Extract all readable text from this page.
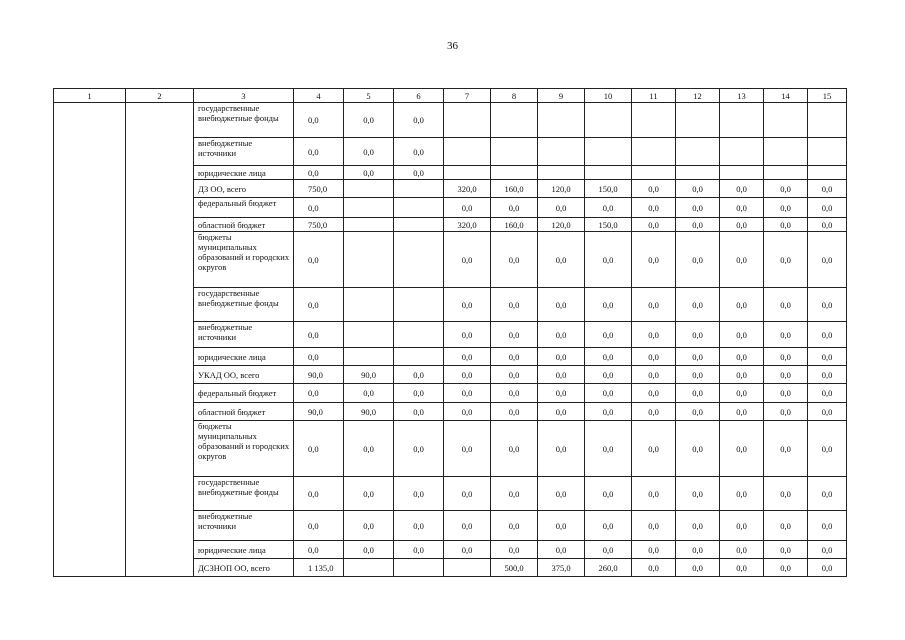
36
1	2	3	4	5	6	7	8	9	10	11	12	13	14	15
		государственные внебюджетные фонды	0,0	0,0	0,0									
		внебюджетные источники	0,0	0,0	0,0									
		юридические лица	0,0	0,0	0,0									
		ДЗ ОО, всего	750,0			320,0	160,0	120,0	150,0	0,0	0,0	0,0	0,0	0,0
		федеральный бюджет	0,0			0,0	0,0	0,0	0,0	0,0	0,0	0,0	0,0	0,0
		областной бюджет	750,0			320,0	160,0	120,0	150,0	0,0	0,0	0,0	0,0	0,0
		бюджеты муниципальных образований и городских округов	0,0			0,0	0,0	0,0	0,0	0,0	0,0	0,0	0,0	0,0
		государственные внебюджетные фонды	0,0			0,0	0,0	0,0	0,0	0,0	0,0	0,0	0,0	0,0
		внебюджетные источники	0,0			0,0	0,0	0,0	0,0	0,0	0,0	0,0	0,0	0,0
		юридические лица	0,0			0,0	0,0	0,0	0,0	0,0	0,0	0,0	0,0	0,0
		УКАД ОО, всего	90,0	90,0	0,0	0,0	0,0	0,0	0,0	0,0	0,0	0,0	0,0	0,0
		федеральный бюджет	0,0	0,0	0,0	0,0	0,0	0,0	0,0	0,0	0,0	0,0	0,0	0,0
		областной бюджет	90,0	90,0	0,0	0,0	0,0	0,0	0,0	0,0	0,0	0,0	0,0	0,0
		бюджеты муниципальных образований и городских округов	0,0	0,0	0,0	0,0	0,0	0,0	0,0	0,0	0,0	0,0	0,0	0,0
		государственные внебюджетные фонды	0,0	0,0	0,0	0,0	0,0	0,0	0,0	0,0	0,0	0,0	0,0	0,0
		внебюджетные источники	0,0	0,0	0,0	0,0	0,0	0,0	0,0	0,0	0,0	0,0	0,0	0,0
		юридические лица	0,0	0,0	0,0	0,0	0,0	0,0	0,0	0,0	0,0	0,0	0,0	0,0
		ДСЗНОП ОО, всего	1 135,0				500,0	375,0	260,0	0,0	0,0	0,0	0,0	0,0
